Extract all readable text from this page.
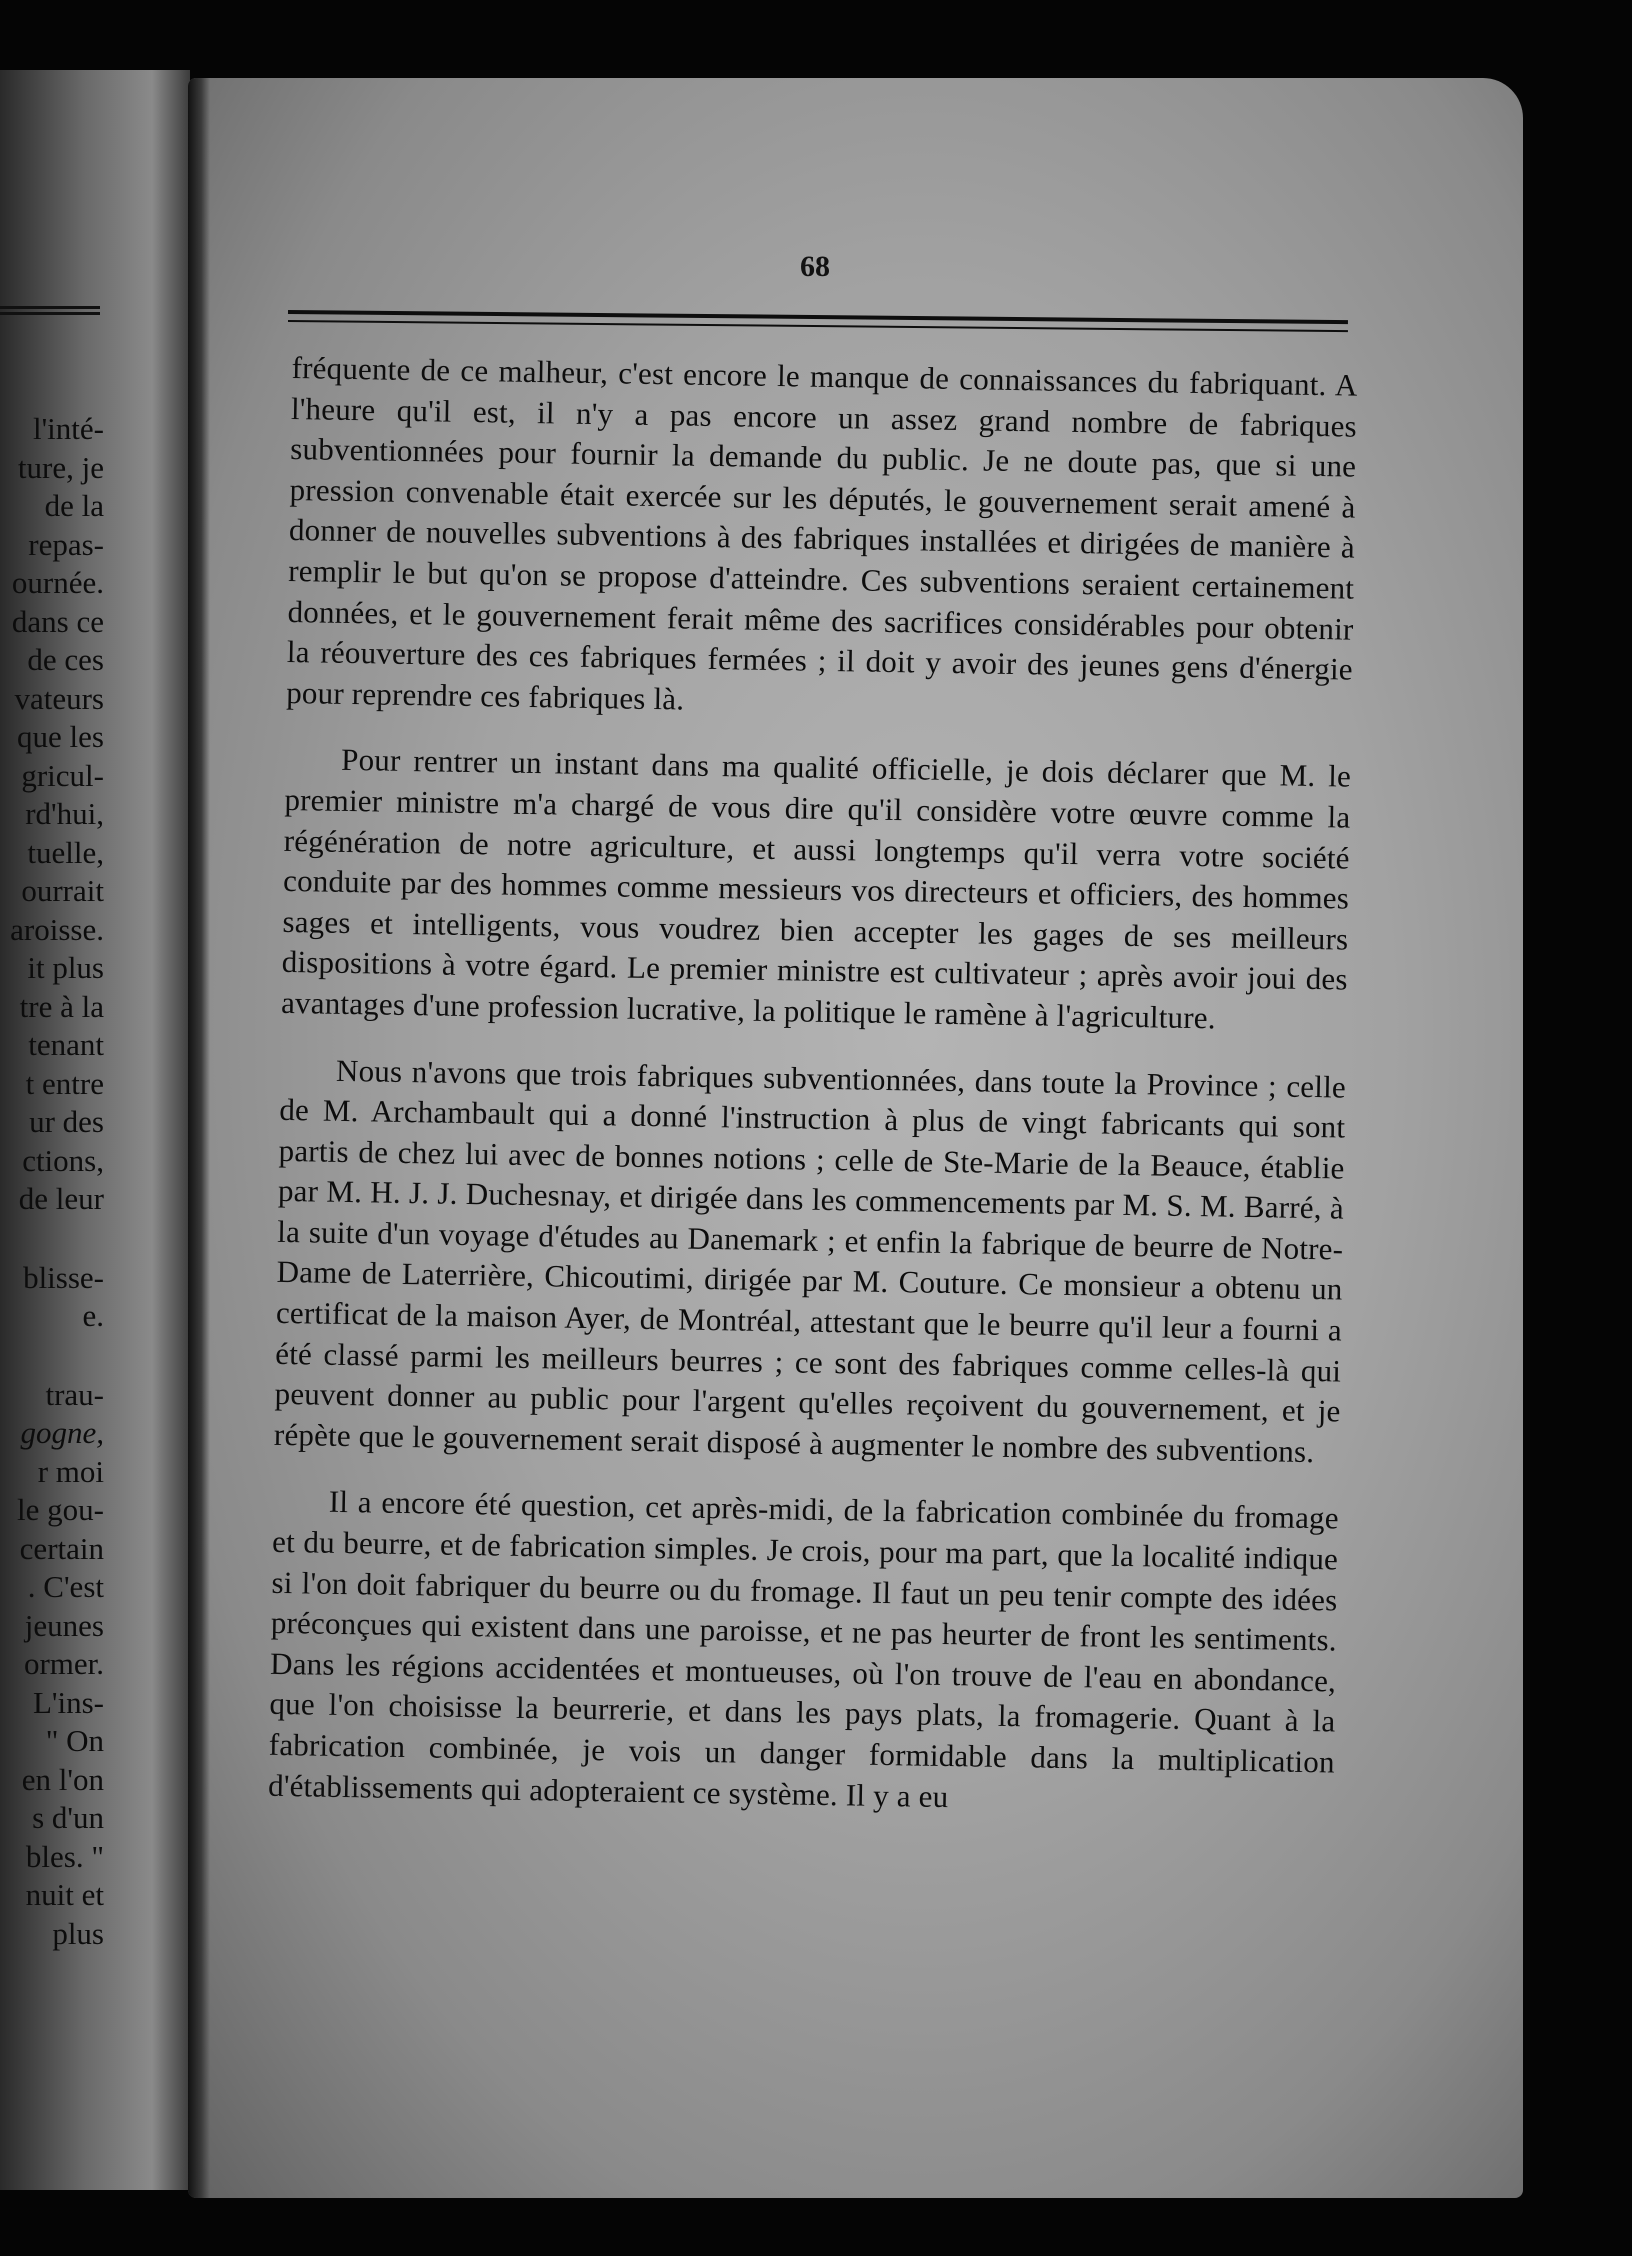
l'inté-
ture, je
de la
repas-
ournée.
dans ce
de ces
vateurs
que les
gricul-
rd'hui,
tuelle,
ourrait
aroisse.
it plus
tre à la
tenant
t entre
ur des
ctions,
de leur
blisse-
e.
trau-
gogne,
r moi
le gou-
certain
. C'est
jeunes
ormer.
L'ins-
" On
en l'on
s d'un
bles. "
nuit et
plus
68

fréquente de ce malheur, c'est encore le manque de connaissances du fabriquant. A l'heure qu'il est, il n'y a pas encore un assez grand nombre de fabriques subventionnées pour fournir la demande du public. Je ne doute pas, que si une pression convenable était exercée sur les députés, le gouvernement serait amené à donner de nouvelles subventions à des fabriques installées et dirigées de manière à remplir le but qu'on se propose d'atteindre. Ces subventions seraient certainement données, et le gouvernement ferait même des sacrifices considérables pour obtenir la réouverture des ces fabriques fermées ; il doit y avoir des jeunes gens d'énergie pour reprendre ces fabriques là.

Pour rentrer un instant dans ma qualité officielle, je dois déclarer que M. le premier ministre m'a chargé de vous dire qu'il considère votre œuvre comme la régénération de notre agriculture, et aussi longtemps qu'il verra votre société conduite par des hommes comme messieurs vos directeurs et officiers, des hommes sages et intelligents, vous voudrez bien accepter les gages de ses meilleurs dispositions à votre égard. Le premier ministre est cultivateur ; après avoir joui des avantages d'une profession lucrative, la politique le ramène à l'agriculture.

Nous n'avons que trois fabriques subventionnées, dans toute la Province ; celle de M. Archambault qui a donné l'instruction à plus de vingt fabricants qui sont partis de chez lui avec de bonnes notions ; celle de Ste-Marie de la Beauce, établie par M. H. J. J. Duchesnay, et dirigée dans les commencements par M. S. M. Barré, à la suite d'un voyage d'études au Danemark ; et enfin la fabrique de beurre de Notre-Dame de Laterrière, Chicoutimi, dirigée par M. Couture. Ce monsieur a obtenu un certificat de la maison Ayer, de Montréal, attestant que le beurre qu'il leur a fourni a été classé parmi les meilleurs beurres ; ce sont des fabriques comme celles-là qui peuvent donner au public pour l'argent qu'elles reçoivent du gouvernement, et je répète que le gouvernement serait disposé à augmenter le nombre des subventions.

Il a encore été question, cet après-midi, de la fabrication combinée du fromage et du beurre, et de fabrication simples. Je crois, pour ma part, que la localité indique si l'on doit fabriquer du beurre ou du fromage. Il faut un peu tenir compte des idées préconçues qui existent dans une paroisse, et ne pas heurter de front les sentiments. Dans les régions accidentées et montueuses, où l'on trouve de l'eau en abondance, que l'on choisisse la beurrerie, et dans les pays plats, la fromagerie. Quant à la fabrication combinée, je vois un danger formidable dans la multiplication d'établissements qui adopteraient ce système. Il y a eu
